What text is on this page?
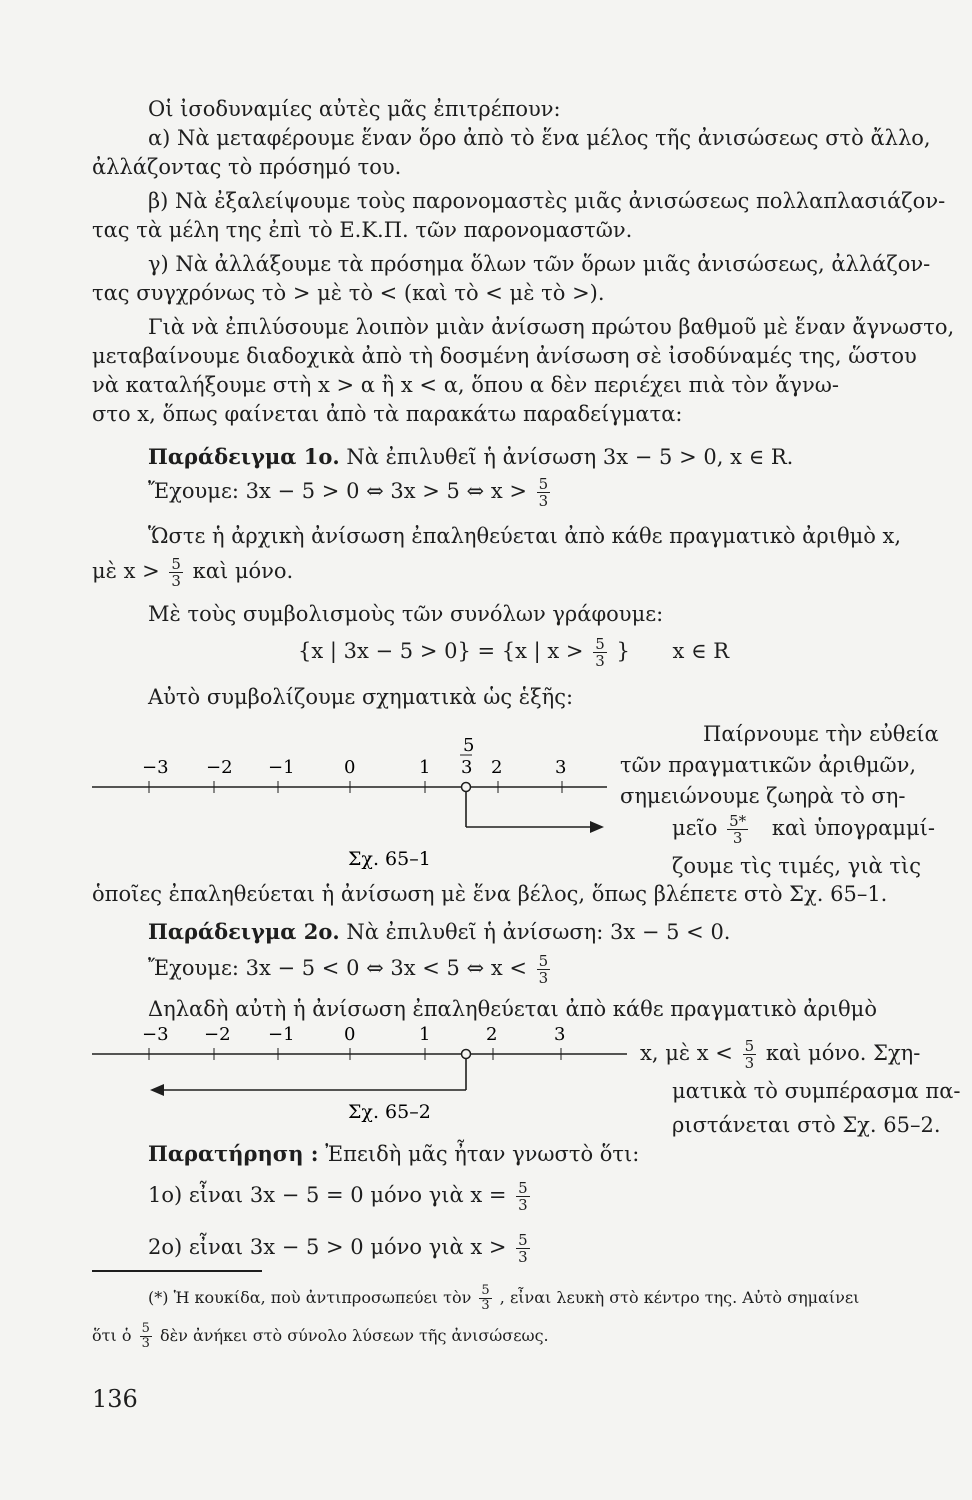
Οἱ ἰσοδυναμίες αὐτὲς μᾶς ἐπιτρέπουν:
α) Νὰ μεταφέρουμε ἕναν ὅρο ἀπὸ τὸ ἕνα μέλος τῆς ἀνισώσεως στὸ ἄλλο,
ἀλλάζοντας τὸ πρόσημό του.
β) Νὰ ἐξαλείψουμε τοὺς παρονομαστὲς μιᾶς ἀνισώσεως πολλαπλασιάζον-
τας τὰ μέλη της ἐπὶ τὸ Ε.Κ.Π. τῶν παρονομαστῶν.
γ) Νὰ ἀλλάξουμε τὰ πρόσημα ὅλων τῶν ὅρων μιᾶς ἀνισώσεως, ἀλλάζον-
τας συγχρόνως τὸ > μὲ τὸ < (καὶ τὸ < μὲ τὸ >).
Γιὰ νὰ ἐπιλύσουμε λοιπὸν μιὰν ἀνίσωση πρώτου βαθμοῦ μὲ ἕναν ἄγνωστο,
μεταβαίνουμε διαδοχικὰ ἀπὸ τὴ δοσμένη ἀνίσωση σὲ ἰσοδύναμές της, ὥστου
νὰ καταλήξουμε στὴ x > α ἢ x < α, ὅπου α δὲν περιέχει πιὰ τὸν ἄγνω-
στο x, ὅπως φαίνεται ἀπὸ τὰ παρακάτω παραδείγματα:
Παράδειγμα 1ο. Νὰ ἐπιλυθεῖ ἡ ἀνίσωση 3x − 5 > 0, x ∈ R.
Ἔχουμε: 3x − 5 > 0 ⇔ 3x > 5 ⇔ $x > \frac{5}{3}$
Ὥστε ἡ ἀρχικὴ ἀνίσωση ἐπαληθεύεται ἀπὸ κάθε πραγματικὸ ἀριθμὸ x,
μὲ $x > \frac{5}{3}$ καὶ μόνο.
Μὲ τοὺς συμβολισμοὺς τῶν συνόλων γράφουμε:
{x | 3x − 5 > 0} = {x | $x > \frac{5}{3}$ } x ∈ R
Αὐτὸ συμβολίζουμε σχηματικὰ ὡς ἑξῆς:
Παίρνουμε τὴν εὐθεία
τῶν πραγματικῶν ἀριθμῶν,
σημειώνουμε ζωηρὰ τὸ ση-
μεῖο $\frac{5*}{3}$ καὶ ὑπογραμμί-
ζουμε τὶς τιμές, γιὰ τὶς
5
−3 −2 −1	0	1 3 2	3
Σχ. 65–1
ὁποῖες ἐπαληθεύεται ἡ ἀνίσωση μὲ ἕνα βέλος, ὅπως βλέπετε στὸ Σχ. 65–1.
Παράδειγμα 2ο. Νὰ ἐπιλυθεῖ ἡ ἀνίσωση: 3x − 5 < 0.
Ἔχουμε: 3x − 5 < 0 ⇔ 3x < 5 ⇔ $x < \frac{5}{3}$
Δηλαδὴ αὐτὴ ἡ ἀνίσωση ἐπαληθεύεται ἀπὸ κάθε πραγματικὸ ἀριθμὸ
−3 −2 −1	0	1	2	3
Σχ. 65–2
x, μὲ $x < \frac{5}{3}$ καὶ μόνο. Σχη-
ματικὰ τὸ συμπέρασμα πα-
ριστάνεται στὸ Σχ. 65–2.
Παρατήρηση : Ἐπειδὴ μᾶς ἦταν γνωστὸ ὅτι:
1ο) εἶναι 3x − 5 = 0 μόνο γιὰ $x = \frac{5}{3}$
2ο) εἶναι 3x − 5 > 0 μόνο γιὰ $x > \frac{5}{3}$
(*) Ἡ κουκίδα, ποὺ ἀντιπροσωπεύει τὸν $\frac{5}{3}$ , εἶναι λευκὴ στὸ κέντρο της. Αὐτὸ σημαίνει
ὅτι ὁ $\frac{5}{3}$ δὲν ἀνήκει στὸ σύνολο λύσεων τῆς ἀνισώσεως.
136
